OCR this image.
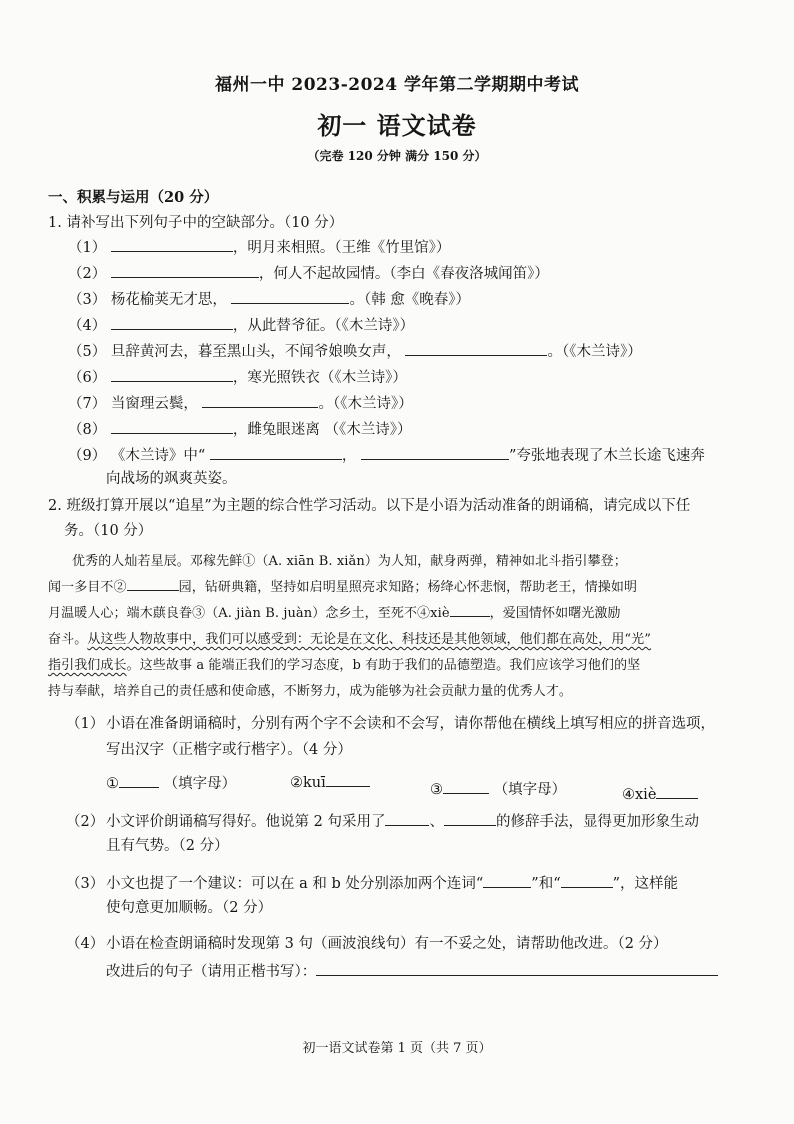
福州一中 2023-2024 学年第二学期期中考试
初一 语文试卷
（完卷 120 分钟 满分 150 分）
一、积累与运用（20 分）
1. 请补写出下列句子中的空缺部分。（10 分）
（1）	，明月来相照。（王维《竹里馆》）
（2）	，何人不起故园情。（李白《春夜洛城闻笛》）
（3） 杨花榆荚无才思，	。（韩 愈《晚春》）
（4）	，从此替爷征。（《木兰诗》）
（5） 旦辞黄河去，暮至黑山头，不闻爷娘唤女声，	。（《木兰诗》）
（6）	，寒光照铁衣（《木兰诗》）
（7） 当窗理云鬓，	。（《木兰诗》）
（8）	，雌兔眼迷离 （《木兰诗》）
（9） 《木兰诗》中“	，	”夸张地表现了木兰长途飞速奔
向战场的飒爽英姿。
2. 班级打算开展以“追星”为主题的综合性学习活动。以下是小语为活动准备的朗诵稿，请完成以下任
务。（10 分）
优秀的人灿若星辰。邓稼先鲜①（A. xiān B. xiǎn）为人知，献身两弹，精神如北斗指引攀登；
闻一多目不②	园，钻研典籍，坚持如启明星照亮求知路；杨绛心怀悲悯，帮助老王，情操如明
月温暖人心；端木蕻良眷③（A. jiàn B. juàn）念乡土，至死不④xiè	，爱国情怀如曙光激励
奋斗。从这些人物故事中，我们可以感受到：无论是在文化、科技还是其他领域，他们都在高处，用“光”
指引我们成长。这些故事 a 能端正我们的学习态度，b 有助于我们的品德塑造。我们应该学习他们的坚
持与奉献，培养自己的责任感和使命感，不断努力，成为能够为社会贡献力量的优秀人才。
（1） 小语在准备朗诵稿时，分别有两个字不会读和不会写，请你帮他在横线上填写相应的拼音选项，
写出汉字（正楷字或行楷字）。（4 分）
①	（填字母）	②kuī	③	（填字母）	④xiè
（2） 小文评价朗诵稿写得好。他说第 2 句采用了	、	的修辞手法，显得更加形象生动
且有气势。（2 分）
（3） 小文也提了一个建议：可以在 a 和 b 处分别添加两个连词“	”和“	”，这样能
使句意更加顺畅。（2 分）
（4） 小语在检查朗诵稿时发现第 3 句（画波浪线句）有一不妥之处，请帮助他改进。（2 分）
改进后的句子（请用正楷书写）：
初一语文试卷第 1 页（共 7 页）
